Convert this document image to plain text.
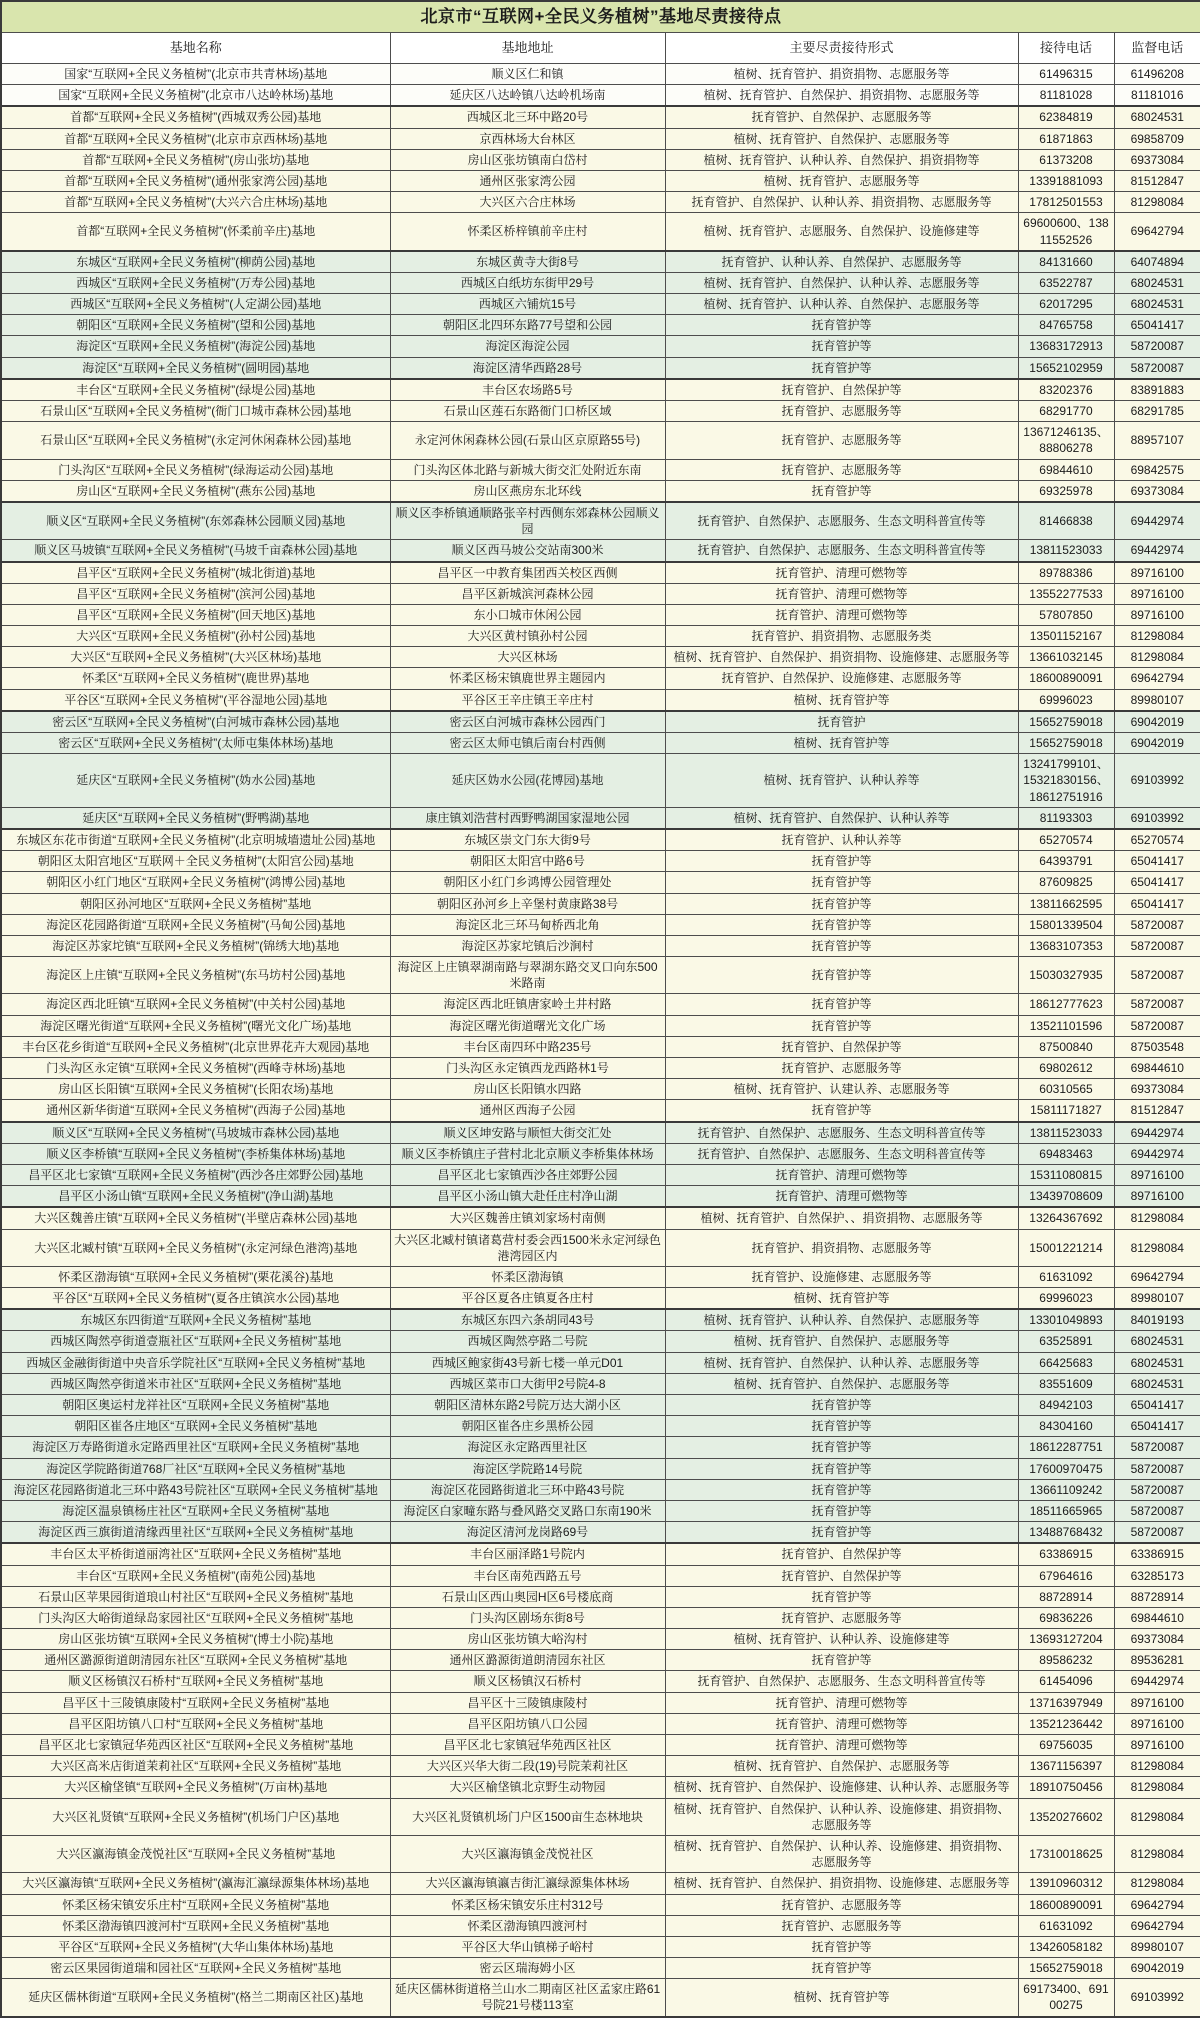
北京市“互联网+全民义务植树”基地尽责接待点				
基地名称	基地地址	主要尽责接待形式	接待电话	监督电话
国家“互联网+全民义务植树”(北京市共青林场)基地	顺义区仁和镇	植树、抚育管护、捐资捐物、志愿服务等	61496315	61496208
国家“互联网+全民义务植树”(北京市八达岭林场)基地	延庆区八达岭镇八达岭机场南	植树、抚育管护、自然保护、捐资捐物、志愿服务等	81181028	81181016
首都“互联网+全民义务植树”(西城双秀公园)基地	西城区北三环中路20号	抚育管护、自然保护、志愿服务等	62384819	68024531
首都“互联网+全民义务植树”(北京市京西林场)基地	京西林场大台林区	植树、抚育管护、自然保护、志愿服务等	61871863	69858709
首都“互联网+全民义务植树”(房山张坊)基地	房山区张坊镇南白岱村	植树、抚育管护、认种认养、自然保护、捐资捐物等	61373208	69373084
首都“互联网+全民义务植树”(通州张家湾公园)基地	通州区张家湾公园	植树、抚育管护、志愿服务等	13391881093	81512847
首都“互联网+全民义务植树”(大兴六合庄林场)基地	大兴区六合庄林场	抚育管护、自然保护、认种认养、捐资捐物、志愿服务等	17812501553	81298084
首都“互联网+全民义务植树”(怀柔前辛庄)基地	怀柔区桥梓镇前辛庄村	植树、抚育管护、志愿服务、自然保护、设施修建等	69600600、13811552526	69642794
东城区“互联网+全民义务植树”(柳荫公园)基地	东城区黄寺大街8号	抚育管护、认种认养、自然保护、志愿服务等	84131660	64074894
西城区“互联网+全民义务植树”(万寿公园)基地	西城区白纸坊东街甲29号	植树、抚育管护、自然保护、认种认养、志愿服务等	63522787	68024531
西城区“互联网+全民义务植树”(人定湖公园)基地	西城区六铺炕15号	植树、抚育管护、认种认养、自然保护、志愿服务等	62017295	68024531
朝阳区“互联网+全民义务植树”(望和公园)基地	朝阳区北四环东路77号望和公园	抚育管护等	84765758	65041417
海淀区“互联网+全民义务植树”(海淀公园)基地	海淀区海淀公园	抚育管护等	13683172913	58720087
海淀区“互联网+全民义务植树”(圆明园)基地	海淀区清华西路28号	抚育管护等	15652102959	58720087
丰台区“互联网+全民义务植树”(绿堤公园)基地	丰台区农场路5号	抚育管护、自然保护等	83202376	83891883
石景山区“互联网+全民义务植树”(衙门口城市森林公园)基地	石景山区莲石东路衙门口桥区域	抚育管护、志愿服务等	68291770	68291785
石景山区“互联网+全民义务植树”(永定河休闲森林公园)基地	永定河休闲森林公园(石景山区京原路55号)	抚育管护、志愿服务等	13671246135、88806278	88957107
门头沟区“互联网+全民义务植树”(绿海运动公园)基地	门头沟区体北路与新城大街交汇处附近东南	抚育管护、志愿服务等	69844610	69842575
房山区“互联网+全民义务植树”(燕东公园)基地	房山区燕房东北环线	抚育管护等	69325978	69373084
顺义区“互联网+全民义务植树”(东郊森林公园顺义园)基地	顺义区李桥镇通顺路张辛村西侧东郊森林公园顺义园	抚育管护、自然保护、志愿服务、生态文明科普宣传等	81466838	69442974
顺义区马坡镇“互联网+全民义务植树”(马坡千亩森林公园)基地	顺义区西马坡公交站南300米	抚育管护、自然保护、志愿服务、生态文明科普宣传等	13811523033	69442974
昌平区“互联网+全民义务植树”(城北街道)基地	昌平区一中教育集团西关校区西侧	抚育管护、清理可燃物等	89788386	89716100
昌平区“互联网+全民义务植树”(滨河公园)基地	昌平区新城滨河森林公园	抚育管护、清理可燃物等	13552277533	89716100
昌平区“互联网+全民义务植树”(回天地区)基地	东小口城市休闲公园	抚育管护、清理可燃物等	57807850	89716100
大兴区“互联网+全民义务植树”(孙村公园)基地	大兴区黄村镇孙村公园	抚育管护、捐资捐物、志愿服务类	13501152167	81298084
大兴区“互联网+全民义务植树”(大兴区林场)基地	大兴区林场	植树、抚育管护、自然保护、捐资捐物、设施修建、志愿服务等	13661032145	81298084
怀柔区“互联网+全民义务植树”(鹿世界)基地	怀柔区杨宋镇鹿世界主题园内	抚育管护、自然保护、设施修建、志愿服务等	18600890091	69642794
平谷区“互联网+全民义务植树”(平谷湿地公园)基地	平谷区王辛庄镇王辛庄村	植树、抚育管护等	69996023	89980107
密云区“互联网+全民义务植树”(白河城市森林公园)基地	密云区白河城市森林公园西门	抚育管护	15652759018	69042019
密云区“互联网+全民义务植树”(太师屯集体林场)基地	密云区太师屯镇后南台村西侧	植树、抚育管护等	15652759018	69042019
延庆区“互联网+全民义务植树”(妫水公园)基地	延庆区妫水公园(花博园)基地	植树、抚育管护、认种认养等	13241799101、15321830156、18612751916	69103992
延庆区“互联网+全民义务植树”(野鸭湖)基地	康庄镇刘浩营村西野鸭湖国家湿地公园	植树、抚育管护、自然保护、认种认养等	81193303	69103992
东城区东花市街道“互联网+全民义务植树”(北京明城墙遗址公园)基地	东城区崇文门东大街9号	抚育管护、认种认养等	65270574	65270574
朝阳区太阳宫地区“互联网＋全民义务植树”(太阳宫公园)基地	朝阳区太阳宫中路6号	抚育管护等	64393791	65041417
朝阳区小红门地区“互联网+全民义务植树”(鸿博公园)基地	朝阳区小红门乡鸿博公园管理处	抚育管护等	87609825	65041417
朝阳区孙河地区“互联网+全民义务植树”基地	朝阳区孙河乡上辛堡村黄康路38号	抚育管护等	13811662595	65041417
海淀区花园路街道“互联网+全民义务植树”(马甸公园)基地	海淀区北三环马甸桥西北角	抚育管护等	15801339504	58720087
海淀区苏家坨镇“互联网+全民义务植树”(锦绣大地)基地	海淀区苏家坨镇后沙涧村	抚育管护等	13683107353	58720087
海淀区上庄镇“互联网+全民义务植树”(东马坊村公园)基地	海淀区上庄镇翠湖南路与翠湖东路交叉口向东500米路南	抚育管护等	15030327935	58720087
海淀区西北旺镇“互联网+全民义务植树”(中关村公园)基地	海淀区西北旺镇唐家岭土井村路	抚育管护等	18612777623	58720087
海淀区曙光街道“互联网+全民义务植树”(曙光文化广场)基地	海淀区曙光街道曙光文化广场	抚育管护等	13521101596	58720087
丰台区花乡街道“互联网+全民义务植树”(北京世界花卉大观园)基地	丰台区南四环中路235号	抚育管护、自然保护等	87500840	87503548
门头沟区永定镇“互联网+全民义务植树”(西峰寺林场)基地	门头沟区永定镇西龙西路林1号	抚育管护、志愿服务等	69802612	69844610
房山区长阳镇“互联网+全民义务植树”(长阳农场)基地	房山区长阳镇水四路	植树、抚育管护、认建认养、志愿服务等	60310565	69373084
通州区新华街道“互联网+全民义务植树”(西海子公园)基地	通州区西海子公园	抚育管护等	15811171827	81512847
顺义区“互联网+全民义务植树”(马坡城市森林公园)基地	顺义区坤安路与顺恒大街交汇处	抚育管护、自然保护、志愿服务、生态文明科普宣传等	13811523033	69442974
顺义区李桥镇“互联网+全民义务植树”(李桥集体林场)基地	顺义区李桥镇庄子营村北北京顺义李桥集体林场	抚育管护、自然保护、志愿服务、生态文明科普宣传等	69483463	69442974
昌平区北七家镇“互联网+全民义务植树”(西沙各庄郊野公园)基地	昌平区北七家镇西沙各庄郊野公园	抚育管护、清理可燃物等	15311080815	89716100
昌平区小汤山镇“互联网+全民义务植树”(净山湖)基地	昌平区小汤山镇大赴任庄村净山湖	抚育管护、清理可燃物等	13439708609	89716100
大兴区魏善庄镇“互联网+全民义务植树”(半壁店森林公园)基地	大兴区魏善庄镇刘家场村南侧	植树、抚育管护、自然保护、、捐资捐物、志愿服务等	13264367692	81298084
大兴区北臧村镇“互联网+全民义务植树”(永定河绿色港湾)基地	大兴区北臧村镇诸葛营村委会西1500米永定河绿色港湾园区内	抚育管护、捐资捐物、志愿服务等	15001221214	81298084
怀柔区渤海镇“互联网+全民义务植树”(栗花溪谷)基地	怀柔区渤海镇	抚育管护、设施修建、志愿服务等	61631092	69642794
平谷区“互联网+全民义务植树”(夏各庄镇滨水公园)基地	平谷区夏各庄镇夏各庄村	植树、抚育管护等	69996023	89980107
东城区东四街道“互联网+全民义务植树”基地	东城区东四六条胡同43号	植树、抚育管护、认种认养、自然保护、志愿服务等	13301049893	84019193
西城区陶然亭街道壹瓶社区“互联网+全民义务植树”基地	西城区陶然亭路二号院	植树、抚育管护、自然保护、志愿服务等	63525891	68024531
西城区金融街街道中央音乐学院社区“互联网+全民义务植树”基地	西城区鲍家街43号新七楼一单元D01	植树、抚育管护、自然保护、认种认养、志愿服务等	66425683	68024531
西城区陶然亭街道米市社区“互联网+全民义务植树”基地	西城区菜市口大街甲2号院4-8	植树、抚育管护、自然保护、志愿服务等	83551609	68024531
朝阳区奥运村龙祥社区“互联网+全民义务植树”基地	朝阳区清林东路2号院万达大湖小区	抚育管护等	84942103	65041417
朝阳区崔各庄地区“互联网+全民义务植树”基地	朝阳区崔各庄乡黑桥公园	抚育管护等	84304160	65041417
海淀区万寿路街道永定路西里社区“互联网+全民义务植树”基地	海淀区永定路西里社区	抚育管护等	18612287751	58720087
海淀区学院路街道768厂社区“互联网+全民义务植树”基地	海淀区学院路14号院	抚育管护等	17600970475	58720087
海淀区花园路街道北三环中路43号院社区“互联网+全民义务植树”基地	海淀区花园路街道北三环中路43号院	抚育管护等	13661109242	58720087
海淀区温泉镇杨庄社区“互联网+全民义务植树”基地	海淀区白家疃东路与叠风路交叉路口东南190米	抚育管护等	18511665965	58720087
海淀区西三旗街道清缘西里社区“互联网+全民义务植树”基地	海淀区清河龙岗路69号	抚育管护等	13488768432	58720087
丰台区太平桥街道丽湾社区“互联网+全民义务植树”基地	丰台区丽泽路1号院内	抚育管护、自然保护等	63386915	63386915
丰台区“互联网+全民义务植树”(南苑公园)基地	丰台区南苑西路五号	抚育管护、自然保护等	67964616	63285173
石景山区苹果园街道琅山村社区“互联网+全民义务植树”基地	石景山区西山奥园H区6号楼底商	抚育管护等	88728914	88728914
门头沟区大峪街道绿岛家园社区“互联网+全民义务植树”基地	门头沟区剧场东街8号	抚育管护、志愿服务等	69836226	69844610
房山区张坊镇“互联网+全民义务植树”(博士小院)基地	房山区张坊镇大峪沟村	植树、抚育管护、认种认养、设施修建等	13693127204	69373084
通州区潞源街道朗清园东社区“互联网+全民义务植树”基地	通州区潞源街道朗清园东社区	抚育管护等	89586232	89536281
顺义区杨镇汉石桥村“互联网+全民义务植树”基地	顺义区杨镇汉石桥村	抚育管护、自然保护、志愿服务、生态文明科普宣传等	61454096	69442974
昌平区十三陵镇康陵村“互联网+全民义务植树”基地	昌平区十三陵镇康陵村	抚育管护、清理可燃物等	13716397949	89716100
昌平区阳坊镇八口村“互联网+全民义务植树”基地	昌平区阳坊镇八口公园	抚育管护、清理可燃物等	13521236442	89716100
昌平区北七家镇冠华苑西区社区“互联网+全民义务植树”基地	昌平区北七家镇冠华苑西区社区	抚育管护、清理可燃物等	69756035	89716100
大兴区高米店街道茉莉社区“互联网+全民义务植树”基地	大兴区兴华大街二段(19)号院茉莉社区	植树、抚育管护、自然保护、志愿服务等	13671156397	81298084
大兴区榆垡镇“互联网+全民义务植树”(万亩林)基地	大兴区榆垡镇北京野生动物园	植树、抚育管护、自然保护、设施修建、认种认养、志愿服务等	18910750456	81298084
大兴区礼贤镇“互联网+全民义务植树”(机场门户区)基地	大兴区礼贤镇机场门户区1500亩生态林地块	植树、抚育管护、自然保护、认种认养、设施修建、捐资捐物、志愿服务等	13520276602	81298084
大兴区瀛海镇金茂悦社区“互联网+全民义务植树”基地	大兴区瀛海镇金茂悦社区	植树、抚育管护、自然保护、认种认养、设施修建、捐资捐物、志愿服务等	17310018625	81298084
大兴区瀛海镇“互联网+全民义务植树”(瀛海汇瀛绿源集体林场)基地	大兴区瀛海镇瀛吉街汇瀛绿源集体林场	植树、抚育管护、自然保护、捐资捐物、设施修建、志愿服务等	13910960312	81298084
怀柔区杨宋镇安乐庄村“互联网+全民义务植树”基地	怀柔区杨宋镇安乐庄村312号	抚育管护、志愿服务等	18600890091	69642794
怀柔区渤海镇四渡河村“互联网+全民义务植树”基地	怀柔区渤海镇四渡河村	抚育管护、志愿服务等	61631092	69642794
平谷区“互联网+全民义务植树”(大华山集体林场)基地	平谷区大华山镇梯子峪村	抚育管护等	13426058182	89980107
密云区果园街道瑞和园社区“互联网+全民义务植树”基地	密云区瑞海姆小区	抚育管护等	15652759018	69042019
延庆区儒林街道“互联网+全民义务植树”(格兰二期南区社区)基地	延庆区儒林街道格兰山水二期南区社区孟家庄路61号院21号楼113室	植树、抚育管护等	69173400、69100275	69103992
